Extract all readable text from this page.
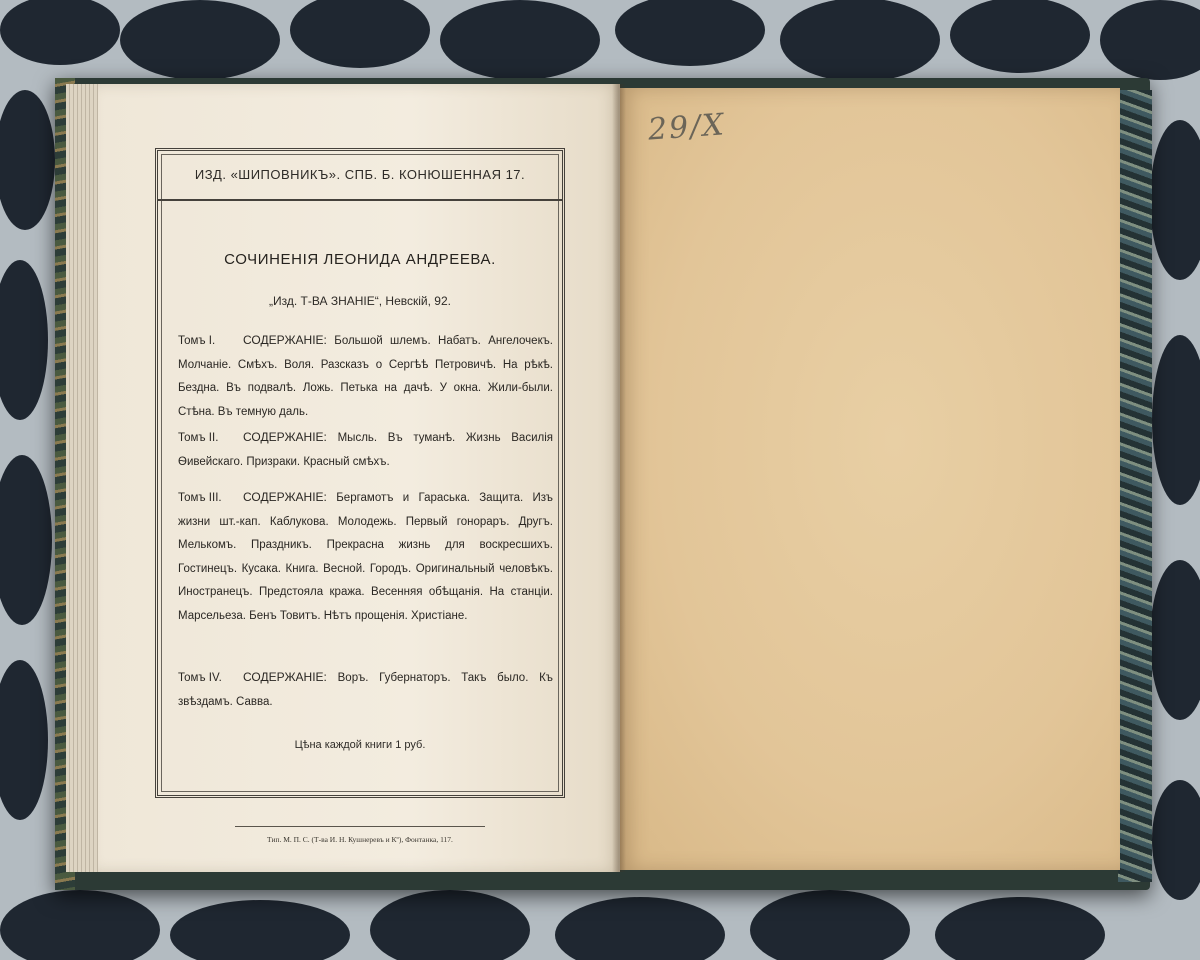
ИЗД. «ШИПОВНИКЪ». СПБ. Б. КОНЮШЕННАЯ 17.
СОЧИНЕНІЯ ЛЕОНИДА АНДРЕЕВА.
„Изд. Т-ВА ЗНАНІЕ“, Невскій, 92.
Томъ I. СОДЕРЖАНІЕ: Большой шлемъ. Набатъ. Ангелочекъ. Молчаніе. Смѣхъ. Воля. Разсказъ о Сергѣѣ Петровичѣ. На рѣкѣ. Бездна. Въ подвалѣ. Ложь. Петька на дачѣ. У окна. Жили-были. Стѣна. Въ темную даль.
Томъ II. СОДЕРЖАНІЕ: Мысль. Въ туманѣ. Жизнь Василія Ѳивейскаго. Призраки. Красный смѣхъ.
Томъ III. СОДЕРЖАНІЕ: Бергамотъ и Гараська. Защита. Изъ жизни шт.-кап. Каблукова. Молодежь. Первый гонораръ. Другъ. Мелькомъ. Праздникъ. Прекрасна жизнь для воскресшихъ. Гостинецъ. Кусака. Книга. Весной. Городъ. Оригинальный человѣкъ. Иностранецъ. Предстояла кража. Весенняя обѣщанія. На станціи. Марсельеза. Бенъ Товитъ. Нѣтъ прощенія. Христіане.
Томъ IV. СОДЕРЖАНІЕ: Воръ. Губернаторъ. Такъ было. Къ звѣздамъ. Савва.
Цѣна каждой книги 1 руб.
Тип. М. П. С. (Т-ва И. Н. Кушнеревъ и Кº), Фонтанка, 117.
29/Ⅹ
